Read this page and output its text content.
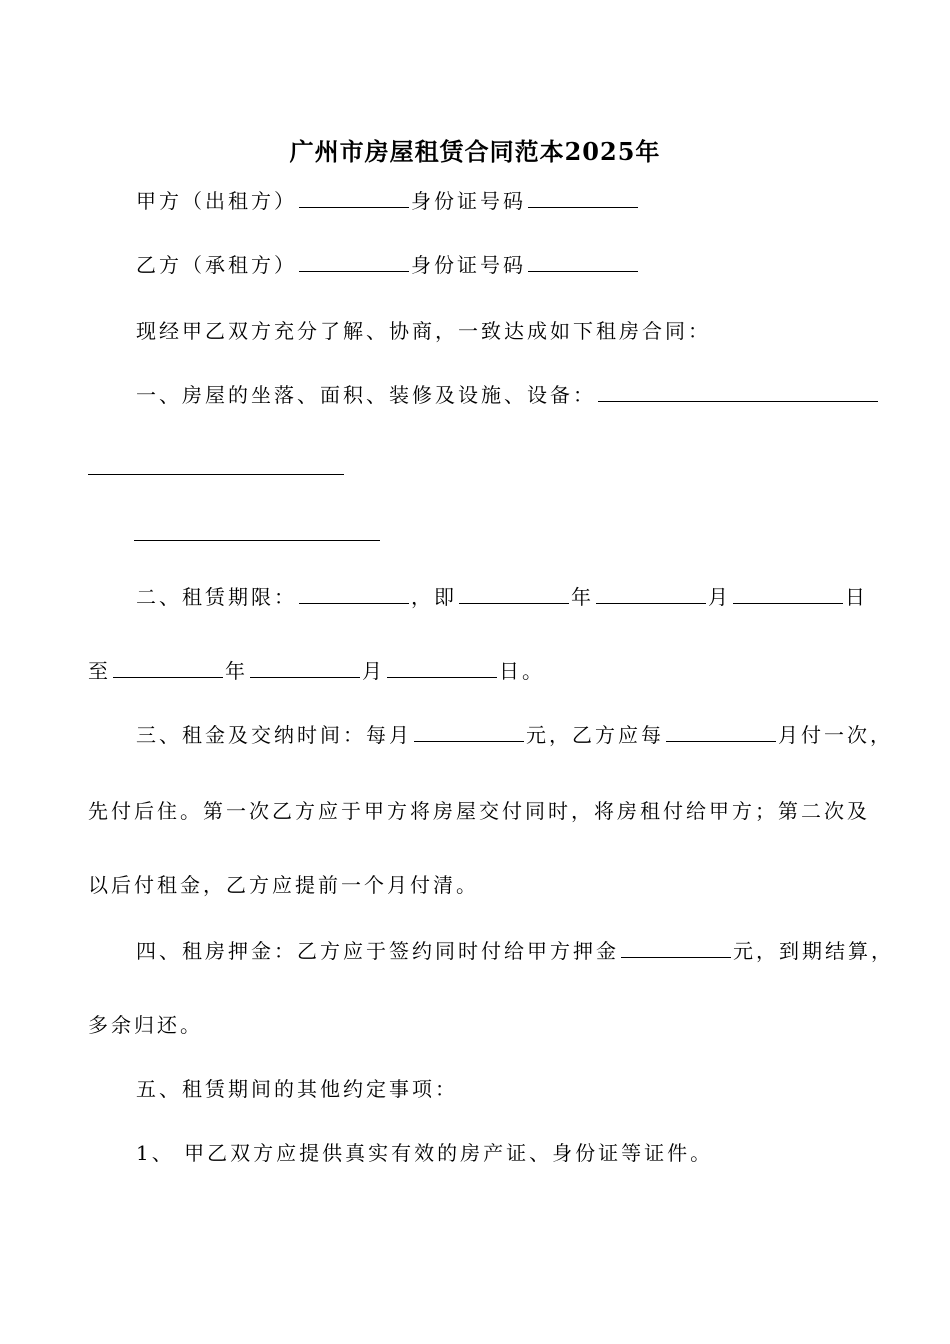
广州市房屋租赁合同范本2025年
甲方（出租方）	身份证号码
乙方（承租方）	身份证号码
现经甲乙双方充分了解、协商，一致达成如下租房合同：
一、房屋的坐落、面积、装修及设施、设备：
二、租赁期限：	，即	年	月	日
至	年	月	日。
三、租金及交纳时间：每月	元，乙方应每	月付一次，
先付后住。第一次乙方应于甲方将房屋交付同时，将房租付给甲方；第二次及
以后付租金，乙方应提前一个月付清。
四、租房押金：乙方应于签约同时付给甲方押金	元，到期结算，
多余归还。
五、租赁期间的其他约定事项：
1、 甲乙双方应提供真实有效的房产证、身份证等证件。
